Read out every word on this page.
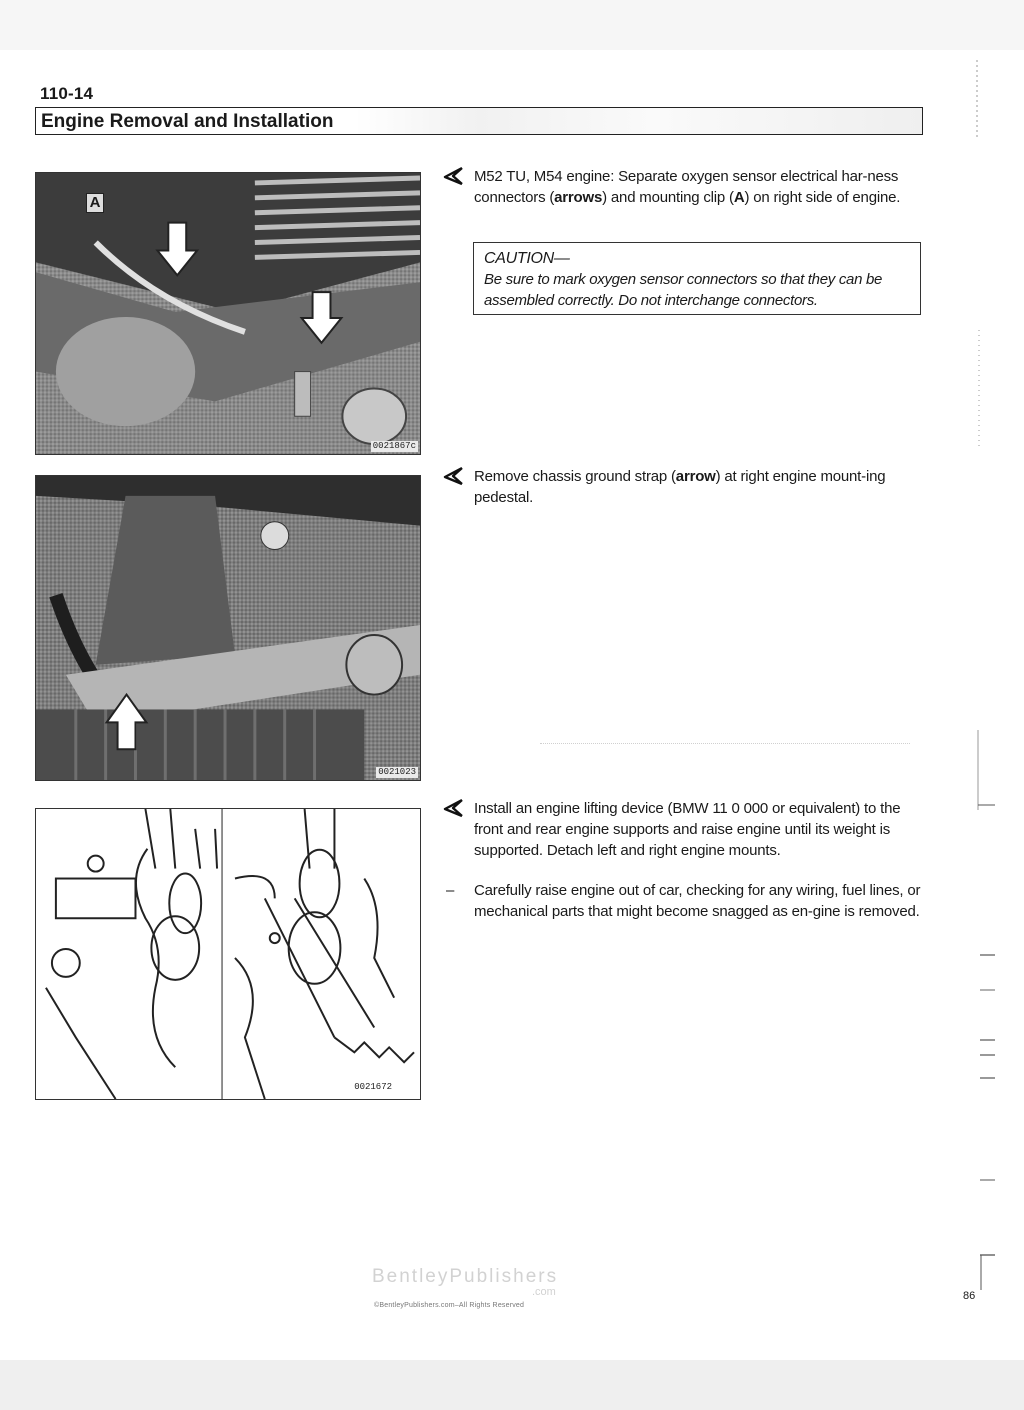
110-14
Engine Removal and Installation
A
0021867c
0021023
0021672
M52 TU, M54 engine: Separate oxygen sensor electrical har-ness connectors (arrows) and mounting clip (A) on right side of engine.
CAUTION—
Be sure to mark oxygen sensor connectors so that they can be assembled correctly. Do not interchange connectors.
Remove chassis ground strap (arrow) at right engine mount-ing pedestal.
Install an engine lifting device (BMW 11 0 000 or equivalent) to the front and rear engine supports and raise engine until its weight is supported. Detach left and right engine mounts.
– Carefully raise engine out of car, checking for any wiring, fuel lines, or mechanical parts that might become snagged as en-gine is removed.
BentleyPublishers
.com
©BentleyPublishers.com–All Rights Reserved
86
